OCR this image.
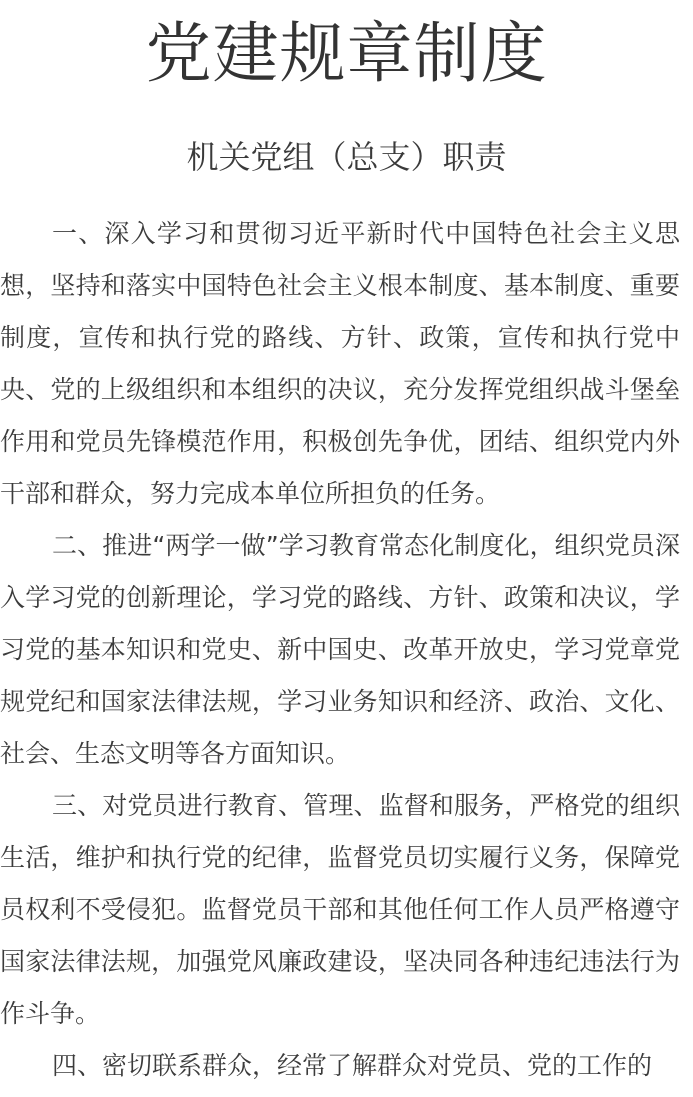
党建规章制度
机关党组（总支）职责

一、深入学习和贯彻习近平新时代中国特色社会主义思想，坚持和落实中国特色社会主义根本制度、基本制度、重要制度，宣传和执行党的路线、方针、政策，宣传和执行党中央、党的上级组织和本组织的决议，充分发挥党组织战斗堡垒作用和党员先锋模范作用，积极创先争优，团结、组织党内外干部和群众，努力完成本单位所担负的任务。

二、推进“两学一做”学习教育常态化制度化，组织党员深入学习党的创新理论，学习党的路线、方针、政策和决议，学习党的基本知识和党史、新中国史、改革开放史，学习党章党规党纪和国家法律法规，学习业务知识和经济、政治、文化、社会、生态文明等各方面知识。

三、对党员进行教育、管理、监督和服务，严格党的组织生活，维护和执行党的纪律，监督党员切实履行义务，保障党员权利不受侵犯。监督党员干部和其他任何工作人员严格遵守国家法律法规，加强党风廉政建设，坚决同各种违纪违法行为作斗争。

四、密切联系群众，经常了解群众对党员、党的工作的
